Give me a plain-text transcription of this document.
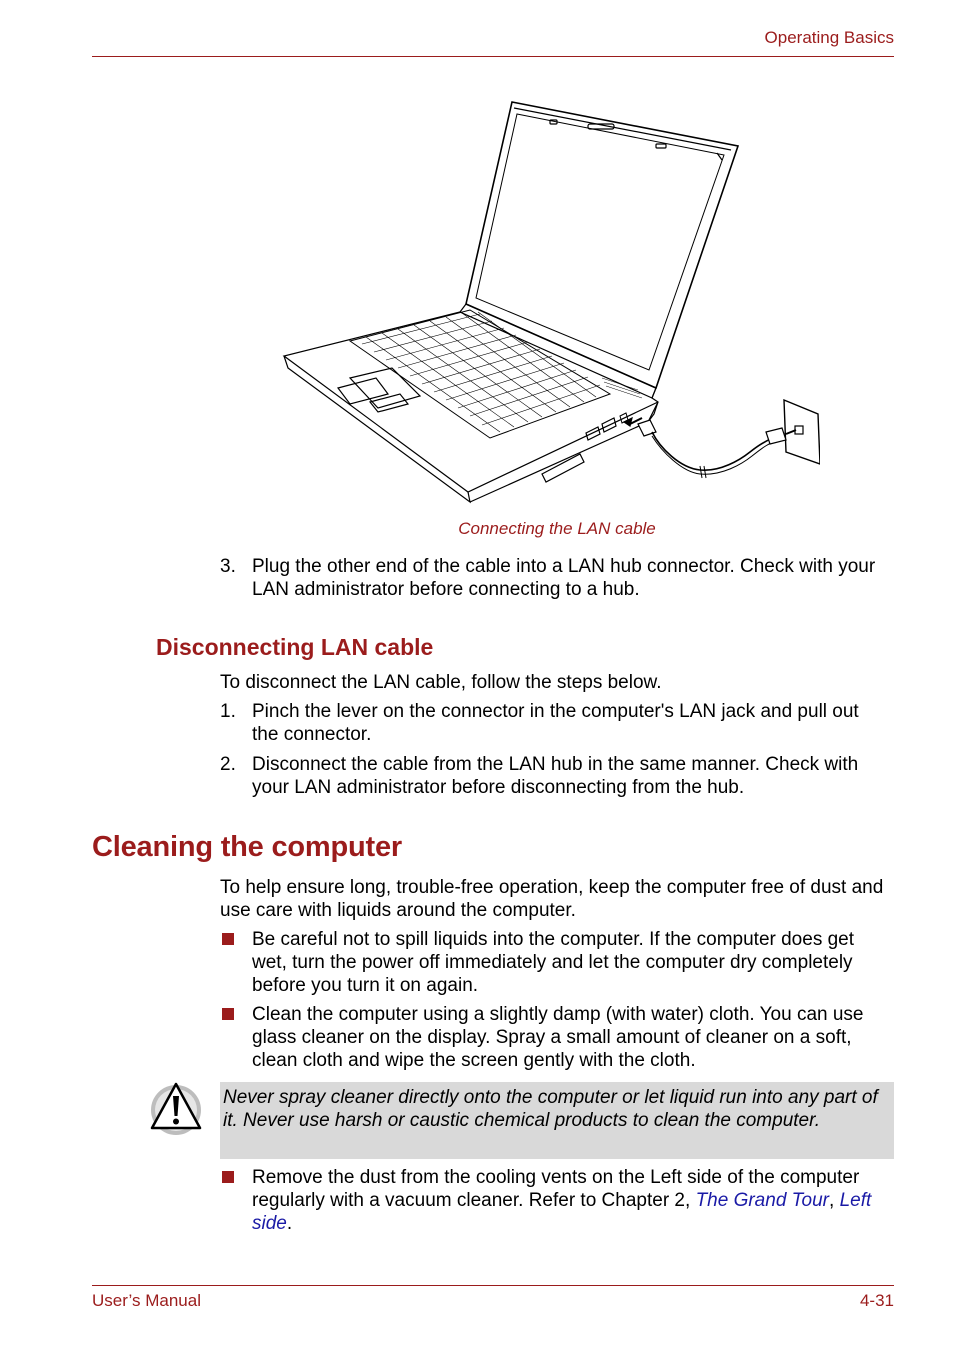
Operating Basics
Connecting the LAN cable
3. Plug the other end of the cable into a LAN hub connector. Check with your LAN administrator before connecting to a hub.
Disconnecting LAN cable
To disconnect the LAN cable, follow the steps below.
1. Pinch the lever on the connector in the computer's LAN jack and pull out the connector.
2. Disconnect the cable from the LAN hub in the same manner. Check with your LAN administrator before disconnecting from the hub.
Cleaning the computer
To help ensure long, trouble-free operation, keep the computer free of dust and use care with liquids around the computer.
Be careful not to spill liquids into the computer. If the computer does get wet, turn the power off immediately and let the computer dry completely before you turn it on again.
Clean the computer using a slightly damp (with water) cloth. You can use glass cleaner on the display. Spray a small amount of cleaner on a soft, clean cloth and wipe the screen gently with the cloth.
Never spray cleaner directly onto the computer or let liquid run into any part of it. Never use harsh or caustic chemical products to clean the computer.
Remove the dust from the cooling vents on the Left side of the computer regularly with a vacuum cleaner. Refer to Chapter 2, The Grand Tour, Left side.
User’s Manual	4-31
